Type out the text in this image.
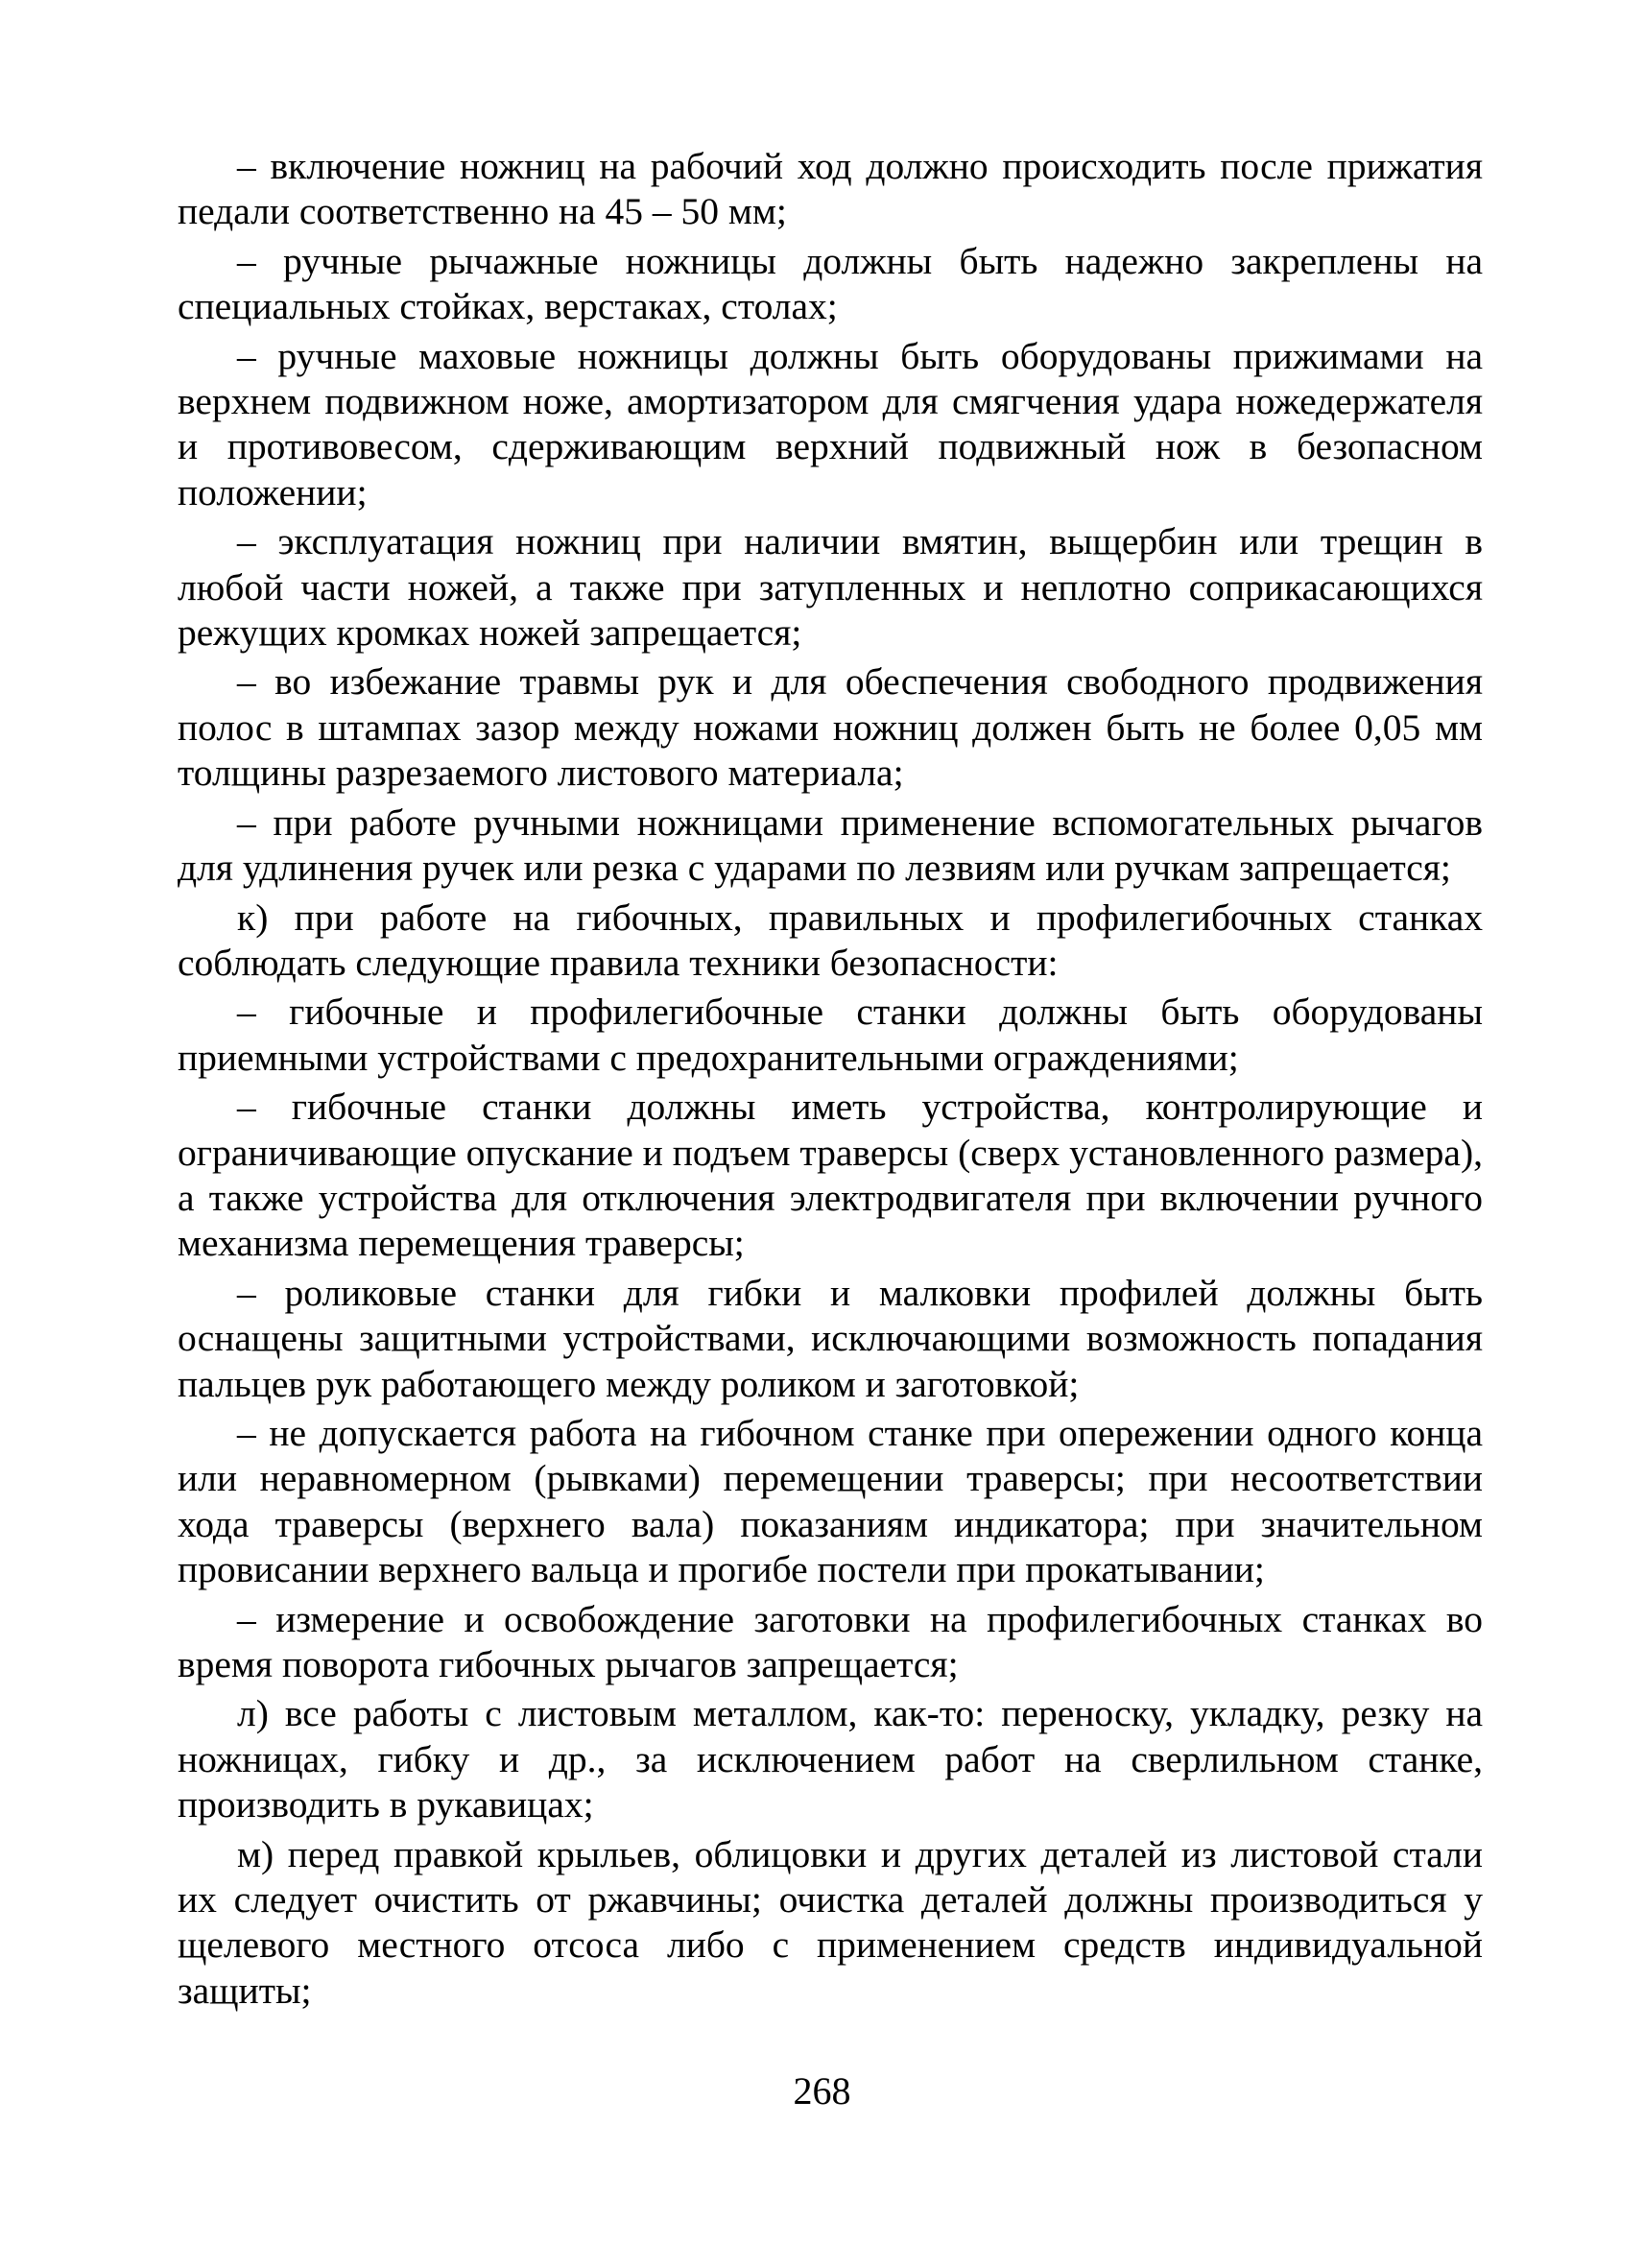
– включение ножниц на рабочий ход должно происходить после прижатия педали соответственно на 45 – 50 мм;

– ручные рычажные ножницы должны быть надежно закреплены на специальных стойках, верстаках, столах;

– ручные маховые ножницы должны быть оборудованы прижимами на верхнем подвижном ноже, амортизатором для смягчения удара ножедержателя и противовесом, сдерживающим верхний подвижный нож в безопасном положении;

– эксплуатация ножниц при наличии вмятин, выщербин или трещин в любой части ножей, а также при затупленных и неплотно соприкасающихся режущих кромках ножей запрещается;

– во избежание травмы рук и для обеспечения свободного продвижения полос в штампах зазор между ножами ножниц должен быть не более 0,05 мм толщины разрезаемого листового материала;

– при работе ручными ножницами применение вспомогательных рычагов для удлинения ручек или резка с ударами по лезвиям или ручкам запрещается;

к) при работе на гибочных, правильных и профилегибочных станках соблюдать следующие правила техники безопасности:

– гибочные и профилегибочные станки должны быть оборудованы приемными устройствами с предохранительными ограждениями;

– гибочные станки должны иметь устройства, контролирующие и ограничивающие опускание и подъем траверсы (сверх установленного размера), а также устройства для отключения электродвигателя при включении ручного механизма перемещения траверсы;

– роликовые станки для гибки и малковки профилей должны быть оснащены защитными устройствами, исключающими возможность попадания пальцев рук работающего между роликом и заготовкой;

– не допускается работа на гибочном станке при опережении одного конца или неравномерном (рывками) перемещении траверсы; при несоответствии хода траверсы (верхнего вала) показаниям индикатора; при значительном провисании верхнего вальца и прогибе постели при прокатывании;

– измерение и освобождение заготовки на профилегибочных станках во время поворота гибочных рычагов запрещается;

л) все работы с листовым металлом, как-то: переноску, укладку, резку на ножницах, гибку и др., за исключением работ на сверлильном станке, производить в рукавицах;

м) перед правкой крыльев, облицовки и других деталей из листовой стали их следует очистить от ржавчины; очистка деталей должны производиться у щелевого местного отсоса либо с применением средств индивидуальной защиты;

268
